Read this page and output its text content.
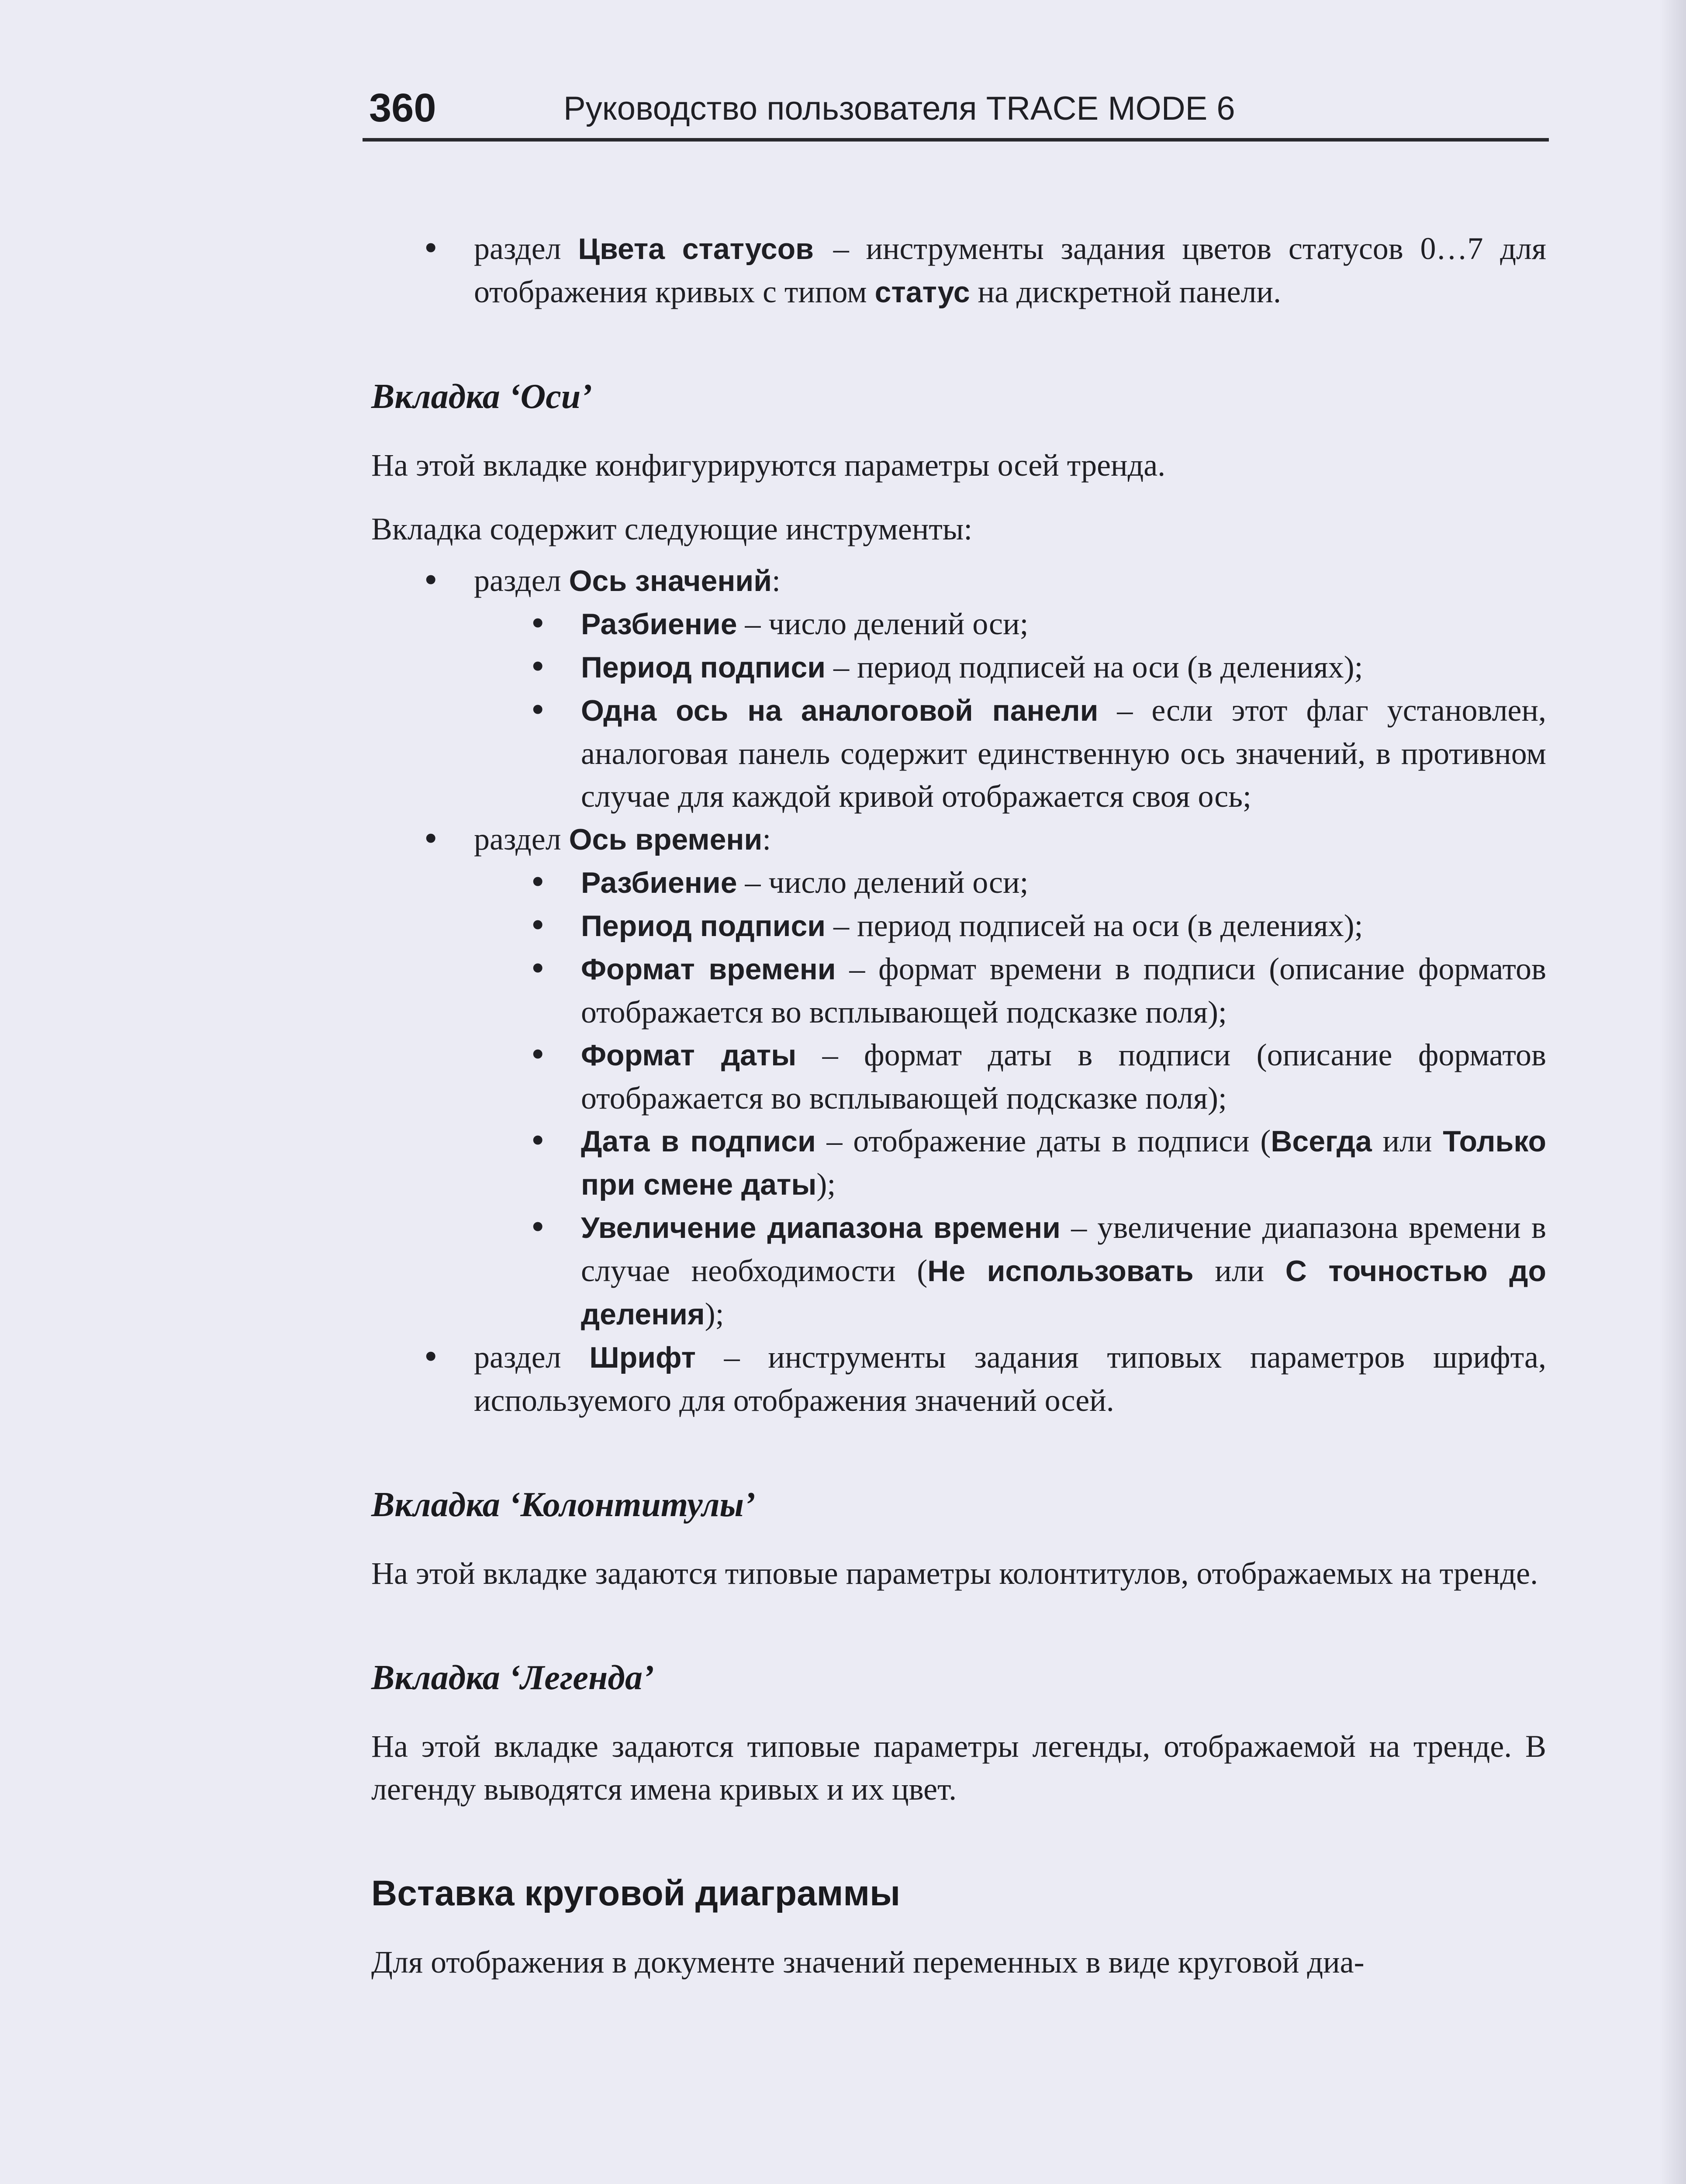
360	Руководство пользователя TRACE MODE 6
• раздел Цвета статусов – инструменты задания цветов статусов 0…7 для отображения кривых с типом статус на дискретной панели.
Вкладка ‘Оси’

На этой вкладке конфигурируются параметры осей тренда.

Вкладка содержит следующие инструменты:

• раздел Ось значений:
• Разбиение – число делений оси;
• Период подписи – период подписей на оси (в делениях);
• Одна ось на аналоговой панели – если этот флаг установлен, аналоговая панель содержит единственную ось значений, в противном случае для каждой кривой отображается своя ось;
• раздел Ось времени:
• Разбиение – число делений оси;
• Период подписи – период подписей на оси (в делениях);
• Формат времени – формат времени в подписи (описание форматов отображается во всплывающей подсказке поля);
• Формат даты – формат даты в подписи (описание форматов отображается во всплывающей подсказке поля);
• Дата в подписи – отображение даты в подписи (Всегда или Только при смене даты);
• Увеличение диапазона времени – увеличение диапазона времени в случае необходимости (Не использовать или С точностью до деления);
• раздел Шрифт – инструменты задания типовых параметров шрифта, используемого для отображения значений осей.
Вкладка ‘Колонтитулы’

На этой вкладке задаются типовые параметры колонтитулов, отображаемых на тренде.

Вкладка ‘Легенда’

На этой вкладке задаются типовые параметры легенды, отображаемой на тренде. В легенду выводятся имена кривых и их цвет.

Вставка круговой диаграммы

Для отображения в документе значений переменных в виде круговой диа-
